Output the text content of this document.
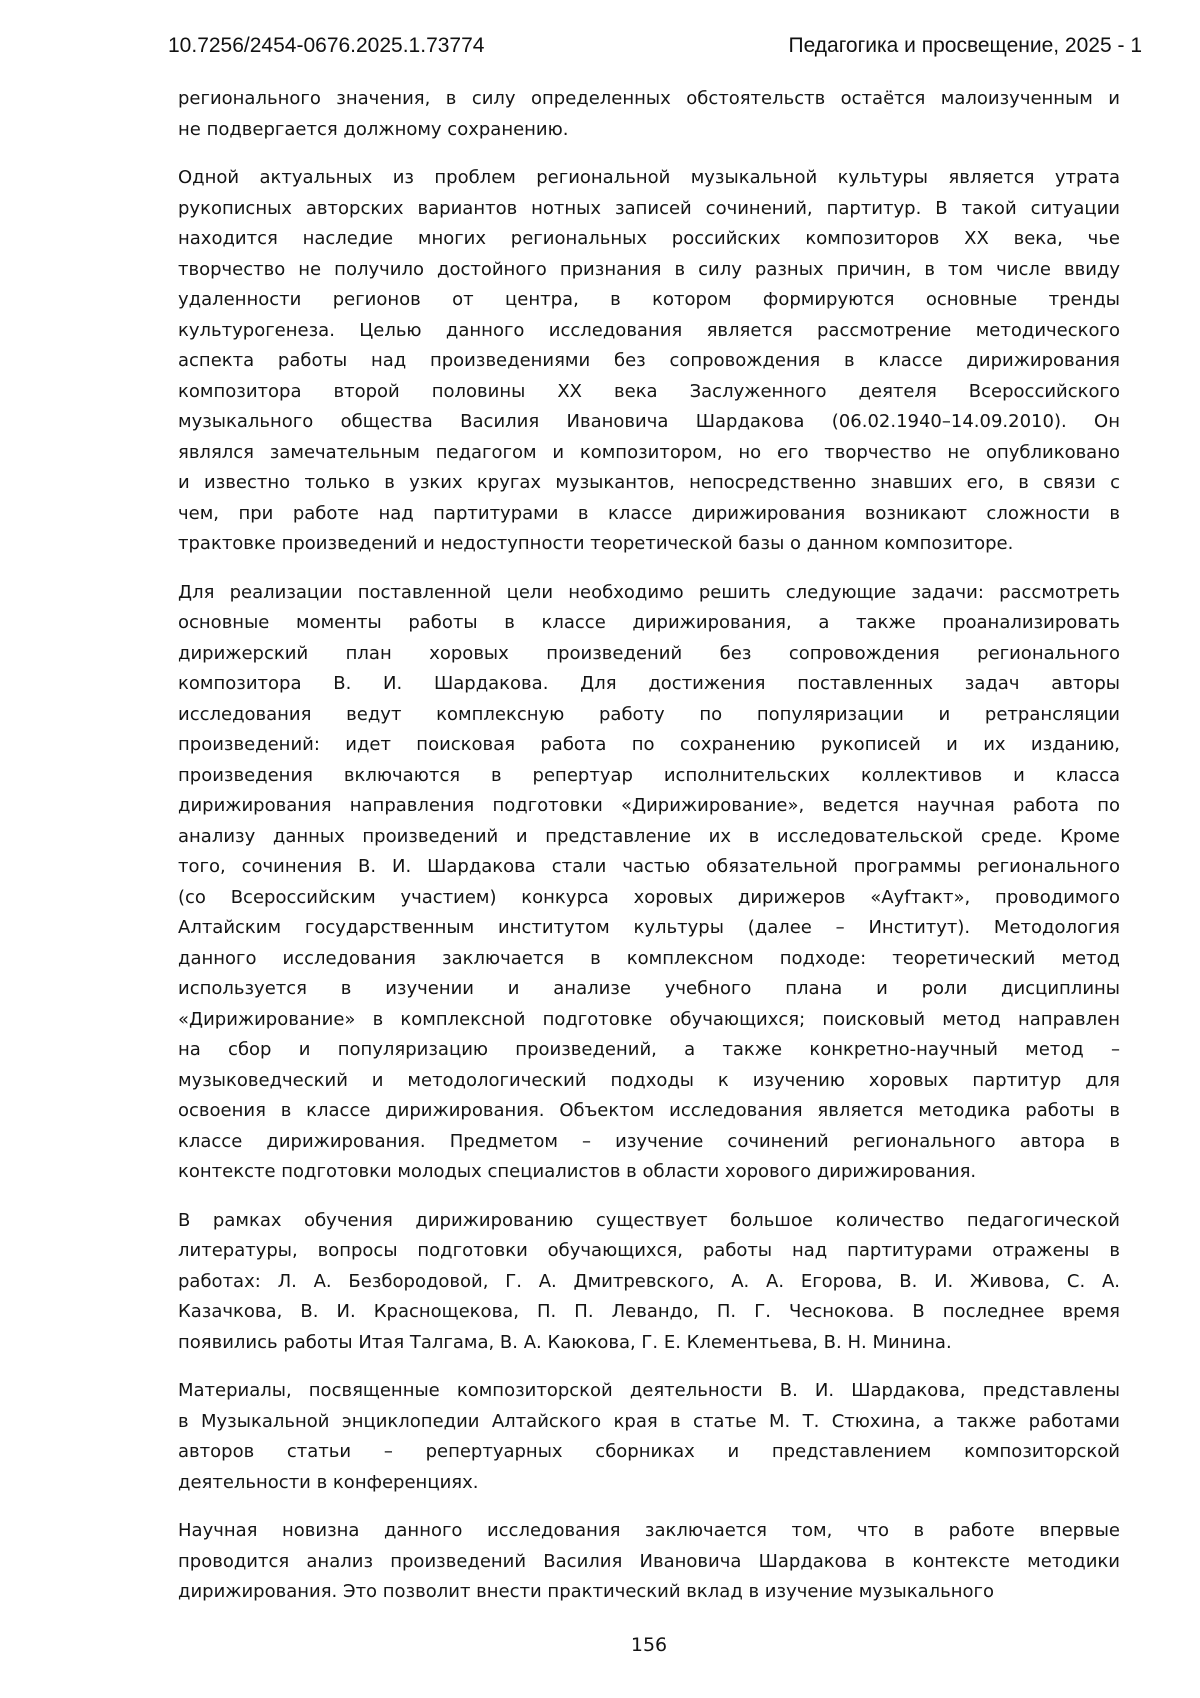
10.7256/2454-0676.2025.1.73774	Педагогика и просвещение, 2025 - 1
регионального значения, в силу определенных обстоятельств остаётся малоизученным и
не подвергается должному сохранению.
Одной актуальных из проблем региональной музыкальной культуры является утрата
рукописных авторских вариантов нотных записей сочинений, партитур. В такой ситуации
находится наследие многих региональных российских композиторов XX века, чье
творчество не получило достойного признания в силу разных причин, в том числе ввиду
удаленности регионов от центра, в котором формируются основные тренды
культурогенеза. Целью данного исследования является рассмотрение методического
аспекта работы над произведениями без сопровождения в классе дирижирования
композитора второй половины XX века Заслуженного деятеля Всероссийского
музыкального общества Василия Ивановича Шардакова (06.02.1940–14.09.2010). Он
являлся замечательным педагогом и композитором, но его творчество не опубликовано
и известно только в узких кругах музыкантов, непосредственно знавших его, в связи с
чем, при работе над партитурами в классе дирижирования возникают сложности в
трактовке произведений и недоступности теоретической базы о данном композиторе.
Для реализации поставленной цели необходимо решить следующие задачи: рассмотреть
основные моменты работы в классе дирижирования, а также проанализировать
дирижерский план хоровых произведений без сопровождения регионального
композитора В. И. Шардакова. Для достижения поставленных задач авторы
исследования ведут комплексную работу по популяризации и ретрансляции
произведений: идет поисковая работа по сохранению рукописей и их изданию,
произведения включаются в репертуар исполнительских коллективов и класса
дирижирования направления подготовки «Дирижирование», ведется научная работа по
анализу данных произведений и представление их в исследовательской среде. Кроме
того, сочинения В. И. Шардакова стали частью обязательной программы регионального
(со Всероссийским участием) конкурса хоровых дирижеров «Ауfтакт», проводимого
Алтайским государственным институтом культуры (далее – Институт). Методология
данного исследования заключается в комплексном подходе: теоретический метод
используется в изучении и анализе учебного плана и роли дисциплины
«Дирижирование» в комплексной подготовке обучающихся; поисковый метод направлен
на сбор и популяризацию произведений, а также конкретно-научный метод –
музыковедческий и методологический подходы к изучению хоровых партитур для
освоения в классе дирижирования. Объектом исследования является методика работы в
классе дирижирования. Предметом – изучение сочинений регионального автора в
контексте подготовки молодых специалистов в области хорового дирижирования.
В рамках обучения дирижированию существует большое количество педагогической
литературы, вопросы подготовки обучающихся, работы над партитурами отражены в
работах: Л. А. Безбородовой, Г. А. Дмитревского, А. А. Егорова, В. И. Живова, С. А.
Казачкова, В. И. Краснощекова, П. П. Левандо, П. Г. Чеснокова. В последнее время
появились работы Итая Талгама, В. А. Каюкова, Г. Е. Клементьева, В. Н. Минина.
Материалы, посвященные композиторской деятельности В. И. Шардакова, представлены
в Музыкальной энциклопедии Алтайского края в статье М. Т. Стюхина, а также работами
авторов статьи – репертуарных сборниках и представлением композиторской
деятельности в конференциях.
Научная новизна данного исследования заключается том, что в работе впервые
проводится анализ произведений Василия Ивановича Шардакова в контексте методики
дирижирования. Это позволит внести практический вклад в изучение музыкального
156
